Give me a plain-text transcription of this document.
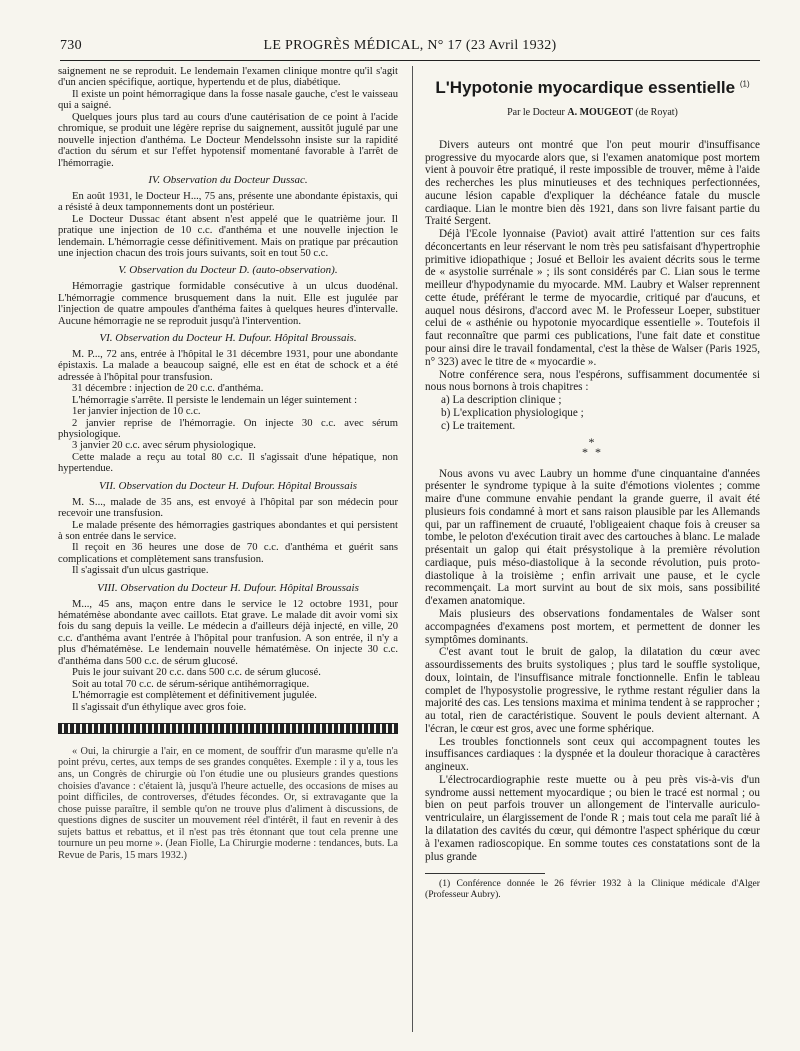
730	LE PROGRÈS MÉDICAL, N° 17 (23 Avril 1932)

saignement ne se reproduit. Le lendemain l'examen clinique montre qu'il s'agit d'un ancien spécifique, aortique, hypertendu et de plus, diabétique.

Il existe un point hémorragique dans la fosse nasale gauche, c'est le vaisseau qui a saigné.

Quelques jours plus tard au cours d'une cautérisation de ce point à l'acide chromique, se produit une légère reprise du saignement, aussitôt jugulé par une nouvelle injection d'anthéma. Le Docteur Mendelssohn insiste sur la rapidité d'action du sérum et sur l'effet hypotensif momentané favorable à l'arrêt de l'hémorragie.

IV. Observation du Docteur Dussac.

En août 1931, le Docteur H..., 75 ans, présente une abondante épistaxis, qui a résisté à deux tamponnements dont un postérieur.

Le Docteur Dussac étant absent n'est appelé que le quatrième jour. Il pratique une injection de 10 c.c. d'anthéma et une nouvelle injection le lendemain. L'hémorragie cesse définitivement. Mais on pratique par précaution une injection chacun des trois jours suivants, soit en tout 50 c.c.

V. Observation du Docteur D. (auto-observation).

Hémorragie gastrique formidable consécutive à un ulcus duodénal. L'hémorragie commence brusquement dans la nuit. Elle est jugulée par l'injection de quatre ampoules d'anthéma faites à quelques heures d'intervalle. Aucune hémorragie ne se reproduit jusqu'à l'intervention.

VI. Observation du Docteur H. Dufour. Hôpital Broussais.

M. P..., 72 ans, entrée à l'hôpital le 31 décembre 1931, pour une abondante épistaxis. La malade a beaucoup saigné, elle est en état de schock et a été adressée à l'hôpital pour transfusion.

31 décembre : injection de 20 c.c. d'anthéma.

L'hémorragie s'arrête. Il persiste le lendemain un léger suintement :

1er janvier injection de 10 c.c.

2 janvier reprise de l'hémorragie. On injecte 30 c.c. avec sérum physiologique.

3 janvier 20 c.c. avec sérum physiologique.

Cette malade a reçu au total 80 c.c. Il s'agissait d'une hépatique, non hypertendue.

VII. Observation du Docteur H. Dufour. Hôpital Broussais

M. S..., malade de 35 ans, est envoyé à l'hôpital par son médecin pour recevoir une transfusion.

Le malade présente des hémorragies gastriques abondantes et qui persistent à son entrée dans le service.

Il reçoit en 36 heures une dose de 70 c.c. d'anthéma et guérit sans complications et complètement sans transfusion.

Il s'agissait d'un ulcus gastrique.

VIII. Observation du Docteur H. Dufour. Hôpital Broussais

M..., 45 ans, maçon entre dans le service le 12 octobre 1931, pour hématémèse abondante avec caillots. Etat grave. Le malade dit avoir vomi six fois du sang depuis la veille. Le médecin a d'ailleurs déjà injecté, en ville, 20 c.c. d'anthéma avant l'entrée à l'hôpital pour tranfusion. A son entrée, il n'y a plus d'hématémèse. Le lendemain nouvelle hématémèse. On injecte 30 c.c. d'anthéma dans 500 c.c. de sérum glucosé.

Puis le jour suivant 20 c.c. dans 500 c.c. de sérum glucosé.

Soit au total 70 c.c. de sérum-sérique antihémorragique.

L'hémorragie est complètement et définitivement jugulée.

Il s'agissait d'un éthylique avec gros foie.

« Oui, la chirurgie a l'air, en ce moment, de souffrir d'un marasme qu'elle n'a point prévu, certes, aux temps de ses grandes conquêtes. Exemple : il y a, tous les ans, un Congrès de chirurgie où l'on étudie une ou plusieurs grandes questions choisies d'avance : c'étaient là, jusqu'à l'heure actuelle, des occasions de mises au point difficiles, de controverses, d'études fécondes. Or, si extravagante que la chose puisse paraître, il semble qu'on ne trouve plus d'aliment à discussions, de questions dignes de susciter un mouvement réel d'intérêt, il faut en revenir à des sujets battus et rebattus, et il n'est pas très étonnant que tout cela prenne une tournure un peu morne ». (Jean Fiolle, La Chirurgie moderne : tendances, buts. La Revue de Paris, 15 mars 1932.)

L'Hypotonie myocardique essentielle $^{(1)}$
Par le Docteur A. MOUGEOT (de Royat)

Divers auteurs ont montré que l'on peut mourir d'insuffisance progressive du myocarde alors que, si l'examen anatomique post mortem vient à pouvoir être pratiqué, il reste impossible de trouver, même à l'aide des recherches les plus minutieuses et des techniques perfectionnées, aucune lésion capable d'expliquer la déchéance fatale du muscle cardiaque. Lian le montre bien dès 1921, dans son livre faisant partie du Traité Sergent.

Déjà l'Ecole lyonnaise (Paviot) avait attiré l'attention sur ces faits déconcertants en leur réservant le nom très peu satisfaisant d'hypertrophie primitive idiopathique ; Josué et Belloir les avaient décrits sous le terme de « asystolie surrénale » ; ils sont considérés par C. Lian sous le terme meilleur d'hypodynamie du myocarde. MM. Laubry et Walser reprennent cette étude, préférant le terme de myocardie, critiqué par d'aucuns, et auquel nous désirons, d'accord avec M. le Professeur Loeper, substituer celui de « asthénie ou hypotonie myocardique essentielle ». Toutefois il faut reconnaître que parmi ces publications, l'une fait date et constitue pour ainsi dire le travail fondamental, c'est la thèse de Walser (Paris 1925, n° 323) avec le titre de « myocardie ».

Notre conférence sera, nous l'espérons, suffisamment documentée si nous nous bornons à trois chapitres :

a) La description clinique ;

b) L'explication physiologique ;

c) Le traitement.

*
* *

Nous avons vu avec Laubry un homme d'une cinquantaine d'années présenter le syndrome typique à la suite d'émotions violentes ; comme maire d'une commune envahie pendant la grande guerre, il avait été plusieurs fois condamné à mort et sans raison plausible par les Allemands qui, par un raffinement de cruauté, l'obligeaient chaque fois à creuser sa tombe, le peloton d'exécution tirait avec des cartouches à blanc. Le malade présentait un galop qui était présystolique à la première révolution cardiaque, puis méso-diastolique à la seconde révolution, puis proto-diastolique à la troisième ; enfin arrivait une pause, et le cycle recommençait. La mort survint au bout de six mois, sans possibilité d'examen anatomique.

Mais plusieurs des observations fondamentales de Walser sont accompagnées d'examens post mortem, et permettent de donner les symptômes dominants.

C'est avant tout le bruit de galop, la dilatation du cœur avec assourdissements des bruits systoliques ; plus tard le souffle systolique, doux, lointain, de l'insuffisance mitrale fonctionnelle. Enfin le tableau complet de l'hyposystolie progressive, le rythme restant régulier dans la majorité des cas. Les tensions maxima et minima tendent à se rapprocher ; au total, rien de caractéristique. Souvent le pouls devient alternant. A l'écran, le cœur est gros, avec une forme sphérique.

Les troubles fonctionnels sont ceux qui accompagnent toutes les insuffisances cardiaques : la dyspnée et la douleur thoracique à caractères angineux.

L'électrocardiographie reste muette ou à peu près vis-à-vis d'un syndrome aussi nettement myocardique ; ou bien le tracé est normal ; ou bien on peut parfois trouver un allongement de l'intervalle auriculo-ventriculaire, un élargissement de l'onde R ; mais tout cela me paraît lié à la dilatation des cavités du cœur, qui démontre l'aspect sphérique du cœur à l'examen radioscopique. En somme toutes ces constatations sont de la plus grande

(1) Conférence donnée le 26 février 1932 à la Clinique médicale d'Alger (Professeur Aubry).
